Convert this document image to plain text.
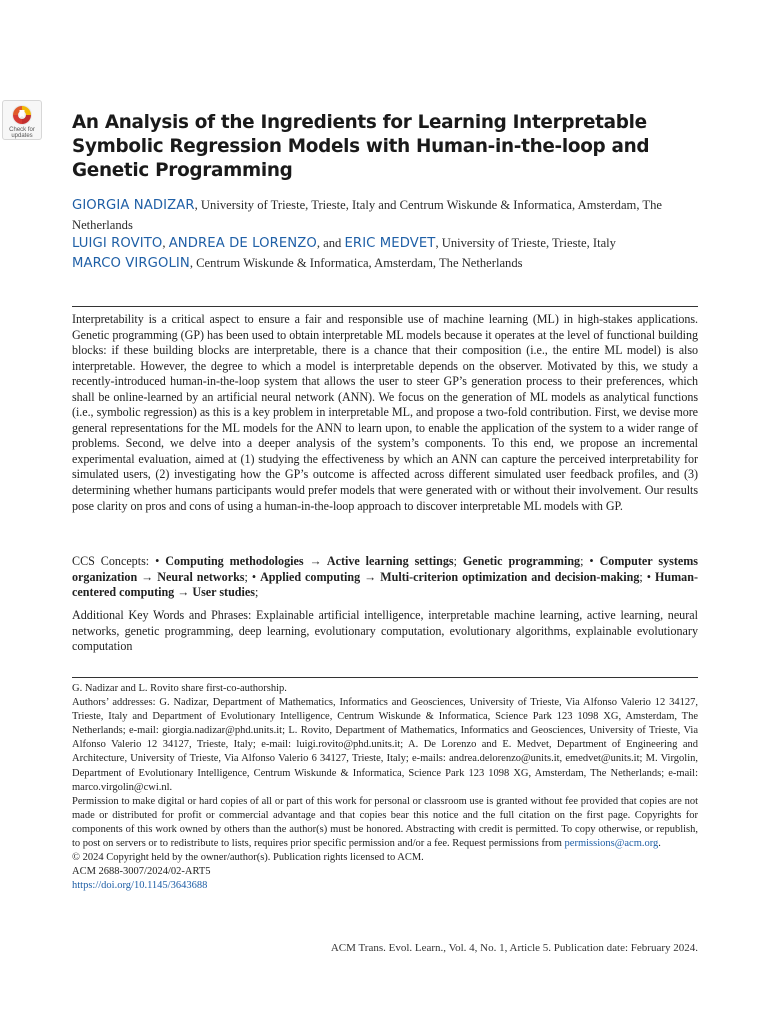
Check for
updates
An Analysis of the Ingredients for Learning Interpretable Symbolic Regression Models with Human-in-the-loop and Genetic Programming

GIORGIA NADIZAR, University of Trieste, Trieste, Italy and Centrum Wiskunde & Informatica, Amsterdam, The Netherlands

LUIGI ROVITO, ANDREA DE LORENZO, and ERIC MEDVET, University of Trieste, Trieste, Italy

MARCO VIRGOLIN, Centrum Wiskunde & Informatica, Amsterdam, The Netherlands

Interpretability is a critical aspect to ensure a fair and responsible use of machine learning (ML) in high-stakes applications. Genetic programming (GP) has been used to obtain interpretable ML models because it operates at the level of functional building blocks: if these building blocks are interpretable, there is a chance that their composition (i.e., the entire ML model) is also interpretable. However, the degree to which a model is interpretable depends on the observer. Motivated by this, we study a recently-introduced human-in-the-loop system that allows the user to steer GP’s generation process to their preferences, which shall be online-learned by an artificial neural network (ANN). We focus on the generation of ML models as analytical functions (i.e., symbolic regression) as this is a key problem in interpretable ML, and propose a two-fold contribution. First, we devise more general representations for the ML models for the ANN to learn upon, to enable the application of the system to a wider range of problems. Second, we delve into a deeper analysis of the system’s components. To this end, we propose an incremental experimental evaluation, aimed at (1) studying the effectiveness by which an ANN can capture the perceived interpretability for simulated users, (2) investigating how the GP’s outcome is affected across different simulated user feedback profiles, and (3) determining whether humans participants would prefer models that were generated with or without their involvement. Our results pose clarity on pros and cons of using a human-in-the-loop approach to discover interpretable ML models with GP.

CCS Concepts: • Computing methodologies → Active learning settings; Genetic programming; • Computer systems organization → Neural networks; • Applied computing → Multi-criterion optimization and decision-making; • Human-centered computing → User studies;

Additional Key Words and Phrases: Explainable artificial intelligence, interpretable machine learning, active learning, neural networks, genetic programming, deep learning, evolutionary computation, evolutionary algorithms, explainable evolutionary computation

G. Nadizar and L. Rovito share first-co-authorship.

Authors’ addresses: G. Nadizar, Department of Mathematics, Informatics and Geosciences, University of Trieste, Via Alfonso Valerio 12 34127, Trieste, Italy and Department of Evolutionary Intelligence, Centrum Wiskunde & Informatica, Science Park 123 1098 XG, Amsterdam, The Netherlands; e-mail: giorgia.nadizar@phd.units.it; L. Rovito, Department of Mathematics, Informatics and Geosciences, University of Trieste, Via Alfonso Valerio 12 34127, Trieste, Italy; e-mail: luigi.rovito@phd.units.it; A. De Lorenzo and E. Medvet, Department of Engineering and Architecture, University of Trieste, Via Alfonso Valerio 6 34127, Trieste, Italy; e-mails: andrea.delorenzo@units.it, emedvet@units.it; M. Virgolin, Department of Evolutionary Intelligence, Centrum Wiskunde & Informatica, Science Park 123 1098 XG, Amsterdam, The Netherlands; e-mail: marco.virgolin@cwi.nl.

Permission to make digital or hard copies of all or part of this work for personal or classroom use is granted without fee provided that copies are not made or distributed for profit or commercial advantage and that copies bear this notice and the full citation on the first page. Copyrights for components of this work owned by others than the author(s) must be honored. Abstracting with credit is permitted. To copy otherwise, or republish, to post on servers or to redistribute to lists, requires prior specific permission and/or a fee. Request permissions from permissions@acm.org.

© 2024 Copyright held by the owner/author(s). Publication rights licensed to ACM.

ACM 2688-3007/2024/02-ART5

https://doi.org/10.1145/3643688

ACM Trans. Evol. Learn., Vol. 4, No. 1, Article 5. Publication date: February 2024.
